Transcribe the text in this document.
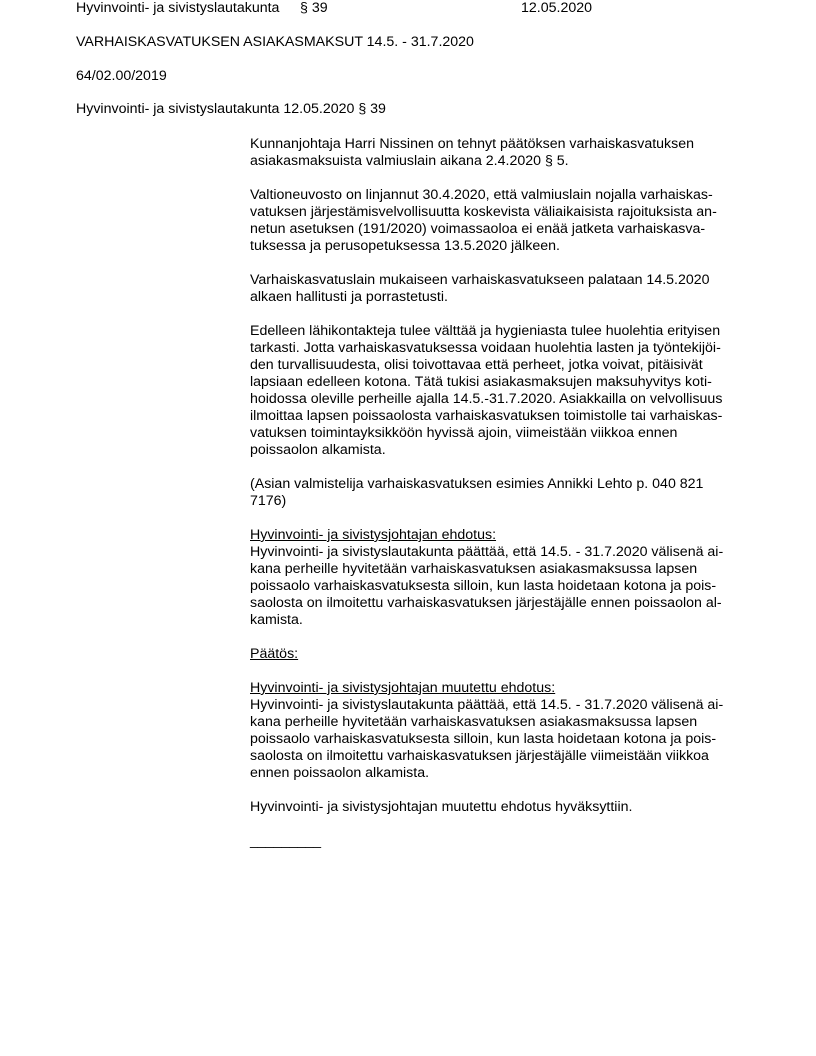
Hyvinvointi- ja sivistyslautakunta § 39	12.05.2020
VARHAISKASVATUKSEN ASIAKASMAKSUT 14.5. - 31.7.2020
64/02.00/2019
Hyvinvointi- ja sivistyslautakunta 12.05.2020 § 39

Kunnanjohtaja Harri Nissinen on tehnyt päätöksen varhaiskasvatuksen
asiakasmaksuista valmiuslain aikana 2.4.2020 § 5.

Valtioneuvosto on linjannut 30.4.2020, että valmiuslain nojalla varhaiskas-
vatuksen järjestämisvelvollisuutta koskevista väliaikaisista rajoituksista an-
netun asetuksen (191/2020) voimassaoloa ei enää jatketa varhaiskasva-
tuksessa ja perusopetuksessa 13.5.2020 jälkeen.

Varhaiskasvatuslain mukaiseen varhaiskasvatukseen palataan 14.5.2020
alkaen hallitusti ja porrastetusti.

Edelleen lähikontakteja tulee välttää ja hygieniasta tulee huolehtia erityisen
tarkasti. Jotta varhaiskasvatuksessa voidaan huolehtia lasten ja työntekijöi-
den turvallisuudesta, olisi toivottavaa että perheet, jotka voivat, pitäisivät
lapsiaan edelleen kotona. Tätä tukisi asiakasmaksujen maksuhyvitys koti-
hoidossa oleville perheille ajalla 14.5.-31.7.2020. Asiakkailla on velvollisuus
ilmoittaa lapsen poissaolosta varhaiskasvatuksen toimistolle tai varhaiskas-
vatuksen toimintayksikköön hyvissä ajoin, viimeistään viikkoa ennen
poissaolon alkamista.

(Asian valmistelija varhaiskasvatuksen esimies Annikki Lehto p. 040 821
7176)

Hyvinvointi- ja sivistysjohtajan ehdotus:
Hyvinvointi- ja sivistyslautakunta päättää, että 14.5. - 31.7.2020 välisenä ai-
kana perheille hyvitetään varhaiskasvatuksen asiakasmaksussa lapsen
poissaolo varhaiskasvatuksesta silloin, kun lasta hoidetaan kotona ja pois-
saolosta on ilmoitettu varhaiskasvatuksen järjestäjälle ennen poissaolon al-
kamista.

Päätös:

Hyvinvointi- ja sivistysjohtajan muutettu ehdotus:
Hyvinvointi- ja sivistyslautakunta päättää, että 14.5. - 31.7.2020 välisenä ai-
kana perheille hyvitetään varhaiskasvatuksen asiakasmaksussa lapsen
poissaolo varhaiskasvatuksesta silloin, kun lasta hoidetaan kotona ja pois-
saolosta on ilmoitettu varhaiskasvatuksen järjestäjälle viimeistään viikkoa
ennen poissaolon alkamista.

Hyvinvointi- ja sivistysjohtajan muutettu ehdotus hyväksyttiin.

_________
